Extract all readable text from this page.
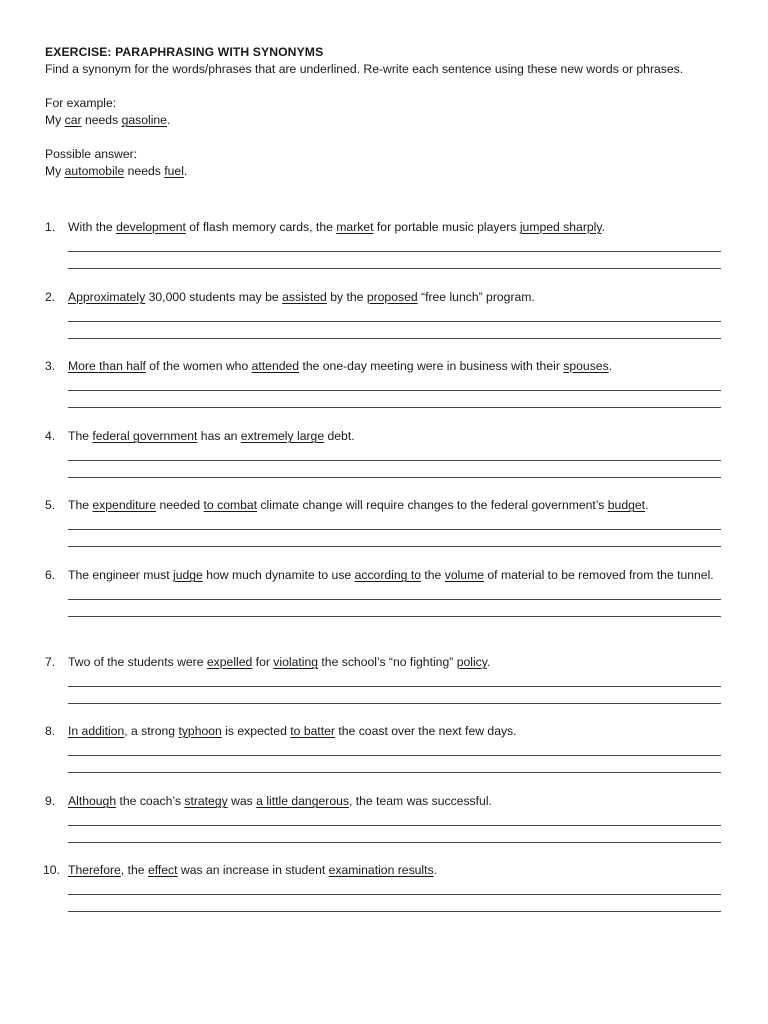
EXERCISE: PARAPHRASING WITH SYNONYMS
Find a synonym for the words/phrases that are underlined. Re-write each sentence using these new words or phrases.
For example:
My car needs gasoline.
Possible answer:
My automobile needs fuel.
1. With the development of flash memory cards, the market for portable music players jumped sharply.
2. Approximately 30,000 students may be assisted by the proposed “free lunch” program.
3. More than half of the women who attended the one-day meeting were in business with their spouses.
4. The federal government has an extremely large debt.
5. The expenditure needed to combat climate change will require changes to the federal government’s budget.
6. The engineer must judge how much dynamite to use according to the volume of material to be removed from the tunnel.
7. Two of the students were expelled for violating the school’s “no fighting” policy.
8. In addition, a strong typhoon is expected to batter the coast over the next few days.
9. Although the coach’s strategy was a little dangerous, the team was successful.
10. Therefore, the effect was an increase in student examination results.
